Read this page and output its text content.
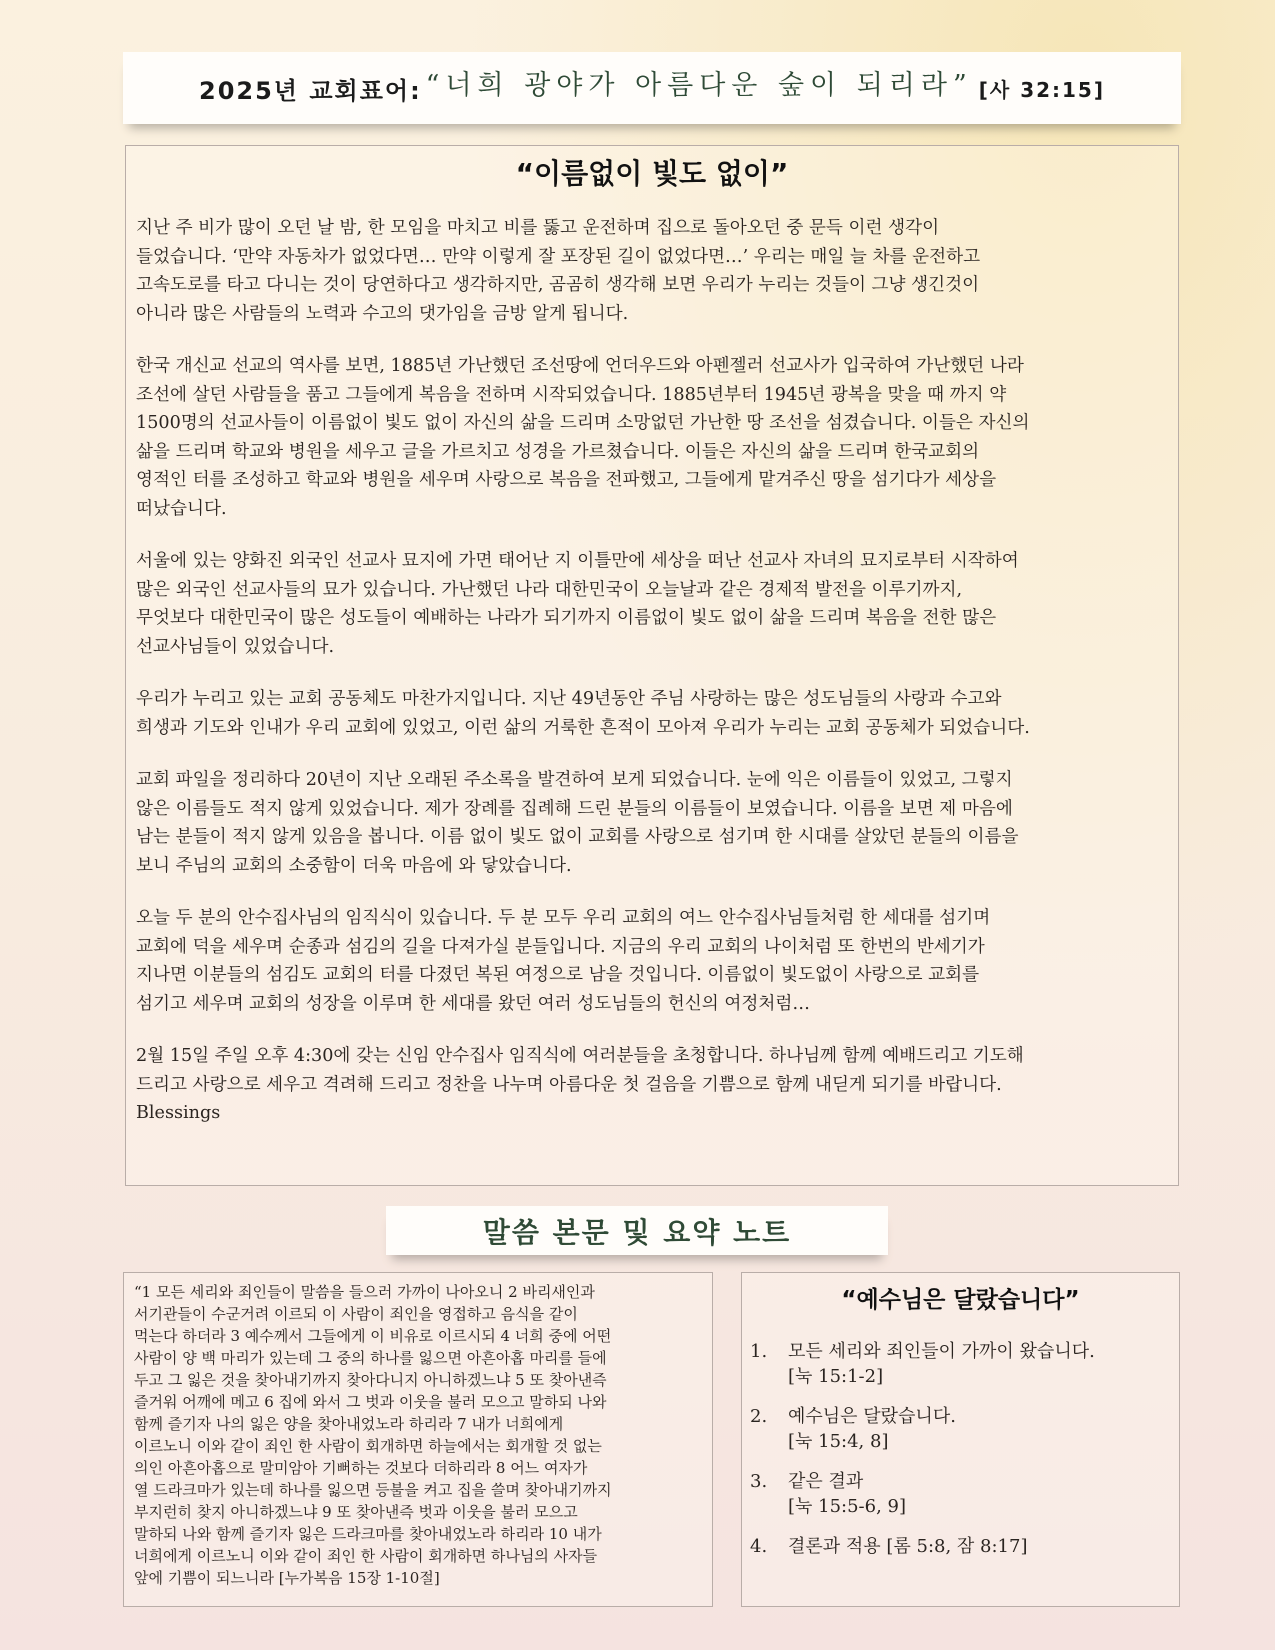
2025년 교회표어: “너희 광야가 아름다운 숲이 되리라” [사 32:15]
“이름없이 빛도 없이”

지난 주 비가 많이 오던 날 밤, 한 모임을 마치고 비를 뚫고 운전하며 집으로 돌아오던 중 문득 이런 생각이
들었습니다. ‘만약 자동차가 없었다면… 만약 이렇게 잘 포장된 길이 없었다면…’ 우리는 매일 늘 차를 운전하고
고속도로를 타고 다니는 것이 당연하다고 생각하지만, 곰곰히 생각해 보면 우리가 누리는 것들이 그냥 생긴것이
아니라 많은 사람들의 노력과 수고의 댓가임을 금방 알게 됩니다.

한국 개신교 선교의 역사를 보면, 1885년 가난했던 조선땅에 언더우드와 아펜젤러 선교사가 입국하여 가난했던 나라
조선에 살던 사람들을 품고 그들에게 복음을 전하며 시작되었습니다. 1885년부터 1945년 광복을 맞을 때 까지 약
1500명의 선교사들이 이름없이 빛도 없이 자신의 삶을 드리며 소망없던 가난한 땅 조선을 섬겼습니다. 이들은 자신의
삶을 드리며 학교와 병원을 세우고 글을 가르치고 성경을 가르쳤습니다. 이들은 자신의 삶을 드리며 한국교회의
영적인 터를 조성하고 학교와 병원을 세우며 사랑으로 복음을 전파했고, 그들에게 맡겨주신 땅을 섬기다가 세상을
떠났습니다.

서울에 있는 양화진 외국인 선교사 묘지에 가면 태어난 지 이틀만에 세상을 떠난 선교사 자녀의 묘지로부터 시작하여
많은 외국인 선교사들의 묘가 있습니다. 가난했던 나라 대한민국이 오늘날과 같은 경제적 발전을 이루기까지,
무엇보다 대한민국이 많은 성도들이 예배하는 나라가 되기까지 이름없이 빛도 없이 삶을 드리며 복음을 전한 많은
선교사님들이 있었습니다.

우리가 누리고 있는 교회 공동체도 마찬가지입니다. 지난 49년동안 주님 사랑하는 많은 성도님들의 사랑과 수고와
희생과 기도와 인내가 우리 교회에 있었고, 이런 삶의 거룩한 흔적이 모아져 우리가 누리는 교회 공동체가 되었습니다.

교회 파일을 정리하다 20년이 지난 오래된 주소록을 발견하여 보게 되었습니다. 눈에 익은 이름들이 있었고, 그렇지
않은 이름들도 적지 않게 있었습니다. 제가 장례를 집례해 드린 분들의 이름들이 보였습니다. 이름을 보면 제 마음에
남는 분들이 적지 않게 있음을 봅니다. 이름 없이 빛도 없이 교회를 사랑으로 섬기며 한 시대를 살았던 분들의 이름을
보니 주님의 교회의 소중함이 더욱 마음에 와 닿았습니다.

오늘 두 분의 안수집사님의 임직식이 있습니다. 두 분 모두 우리 교회의 여느 안수집사님들처럼 한 세대를 섬기며
교회에 덕을 세우며 순종과 섬김의 길을 다져가실 분들입니다. 지금의 우리 교회의 나이처럼 또 한번의 반세기가
지나면 이분들의 섬김도 교회의 터를 다졌던 복된 여정으로 남을 것입니다. 이름없이 빛도없이 사랑으로 교회를
섬기고 세우며 교회의 성장을 이루며 한 세대를 왔던 여러 성도님들의 헌신의 여정처럼…

2월 15일 주일 오후 4:30에 갖는 신임 안수집사 임직식에 여러분들을 초청합니다. 하나님께 함께 예배드리고 기도해
드리고 사랑으로 세우고 격려해 드리고 정찬을 나누며 아름다운 첫 걸음을 기쁨으로 함께 내딛게 되기를 바랍니다.
Blessings

말씀 본문 및 요약 노트

“1 모든 세리와 죄인들이 말씀을 들으러 가까이 나아오니 2 바리새인과
서기관들이 수군거려 이르되 이 사람이 죄인을 영접하고 음식을 같이
먹는다 하더라 3 예수께서 그들에게 이 비유로 이르시되 4 너희 중에 어떤
사람이 양 백 마리가 있는데 그 중의 하나를 잃으면 아흔아홉 마리를 들에
두고 그 잃은 것을 찾아내기까지 찾아다니지 아니하겠느냐 5 또 찾아낸즉
즐거워 어깨에 메고 6 집에 와서 그 벗과 이웃을 불러 모으고 말하되 나와
함께 즐기자 나의 잃은 양을 찾아내었노라 하리라 7 내가 너희에게
이르노니 이와 같이 죄인 한 사람이 회개하면 하늘에서는 회개할 것 없는
의인 아흔아홉으로 말미암아 기뻐하는 것보다 더하리라 8 어느 여자가
열 드라크마가 있는데 하나를 잃으면 등불을 켜고 집을 쓸며 찾아내기까지
부지런히 찾지 아니하겠느냐 9 또 찾아낸즉 벗과 이웃을 불러 모으고
말하되 나와 함께 즐기자 잃은 드라크마를 찾아내었노라 하리라 10 내가
너희에게 이르노니 이와 같이 죄인 한 사람이 회개하면 하나님의 사자들
앞에 기쁨이 되느니라 [누가복음 15장 1-10절]

“예수님은 달랐습니다”
1.	모든 세리와 죄인들이 가까이 왔습니다.
[눅 15:1-2]
2.	예수님은 달랐습니다.
[눅 15:4, 8]
3.	같은 결과
[눅 15:5-6, 9]
4.	결론과 적용 [롬 5:8, 잠 8:17]
